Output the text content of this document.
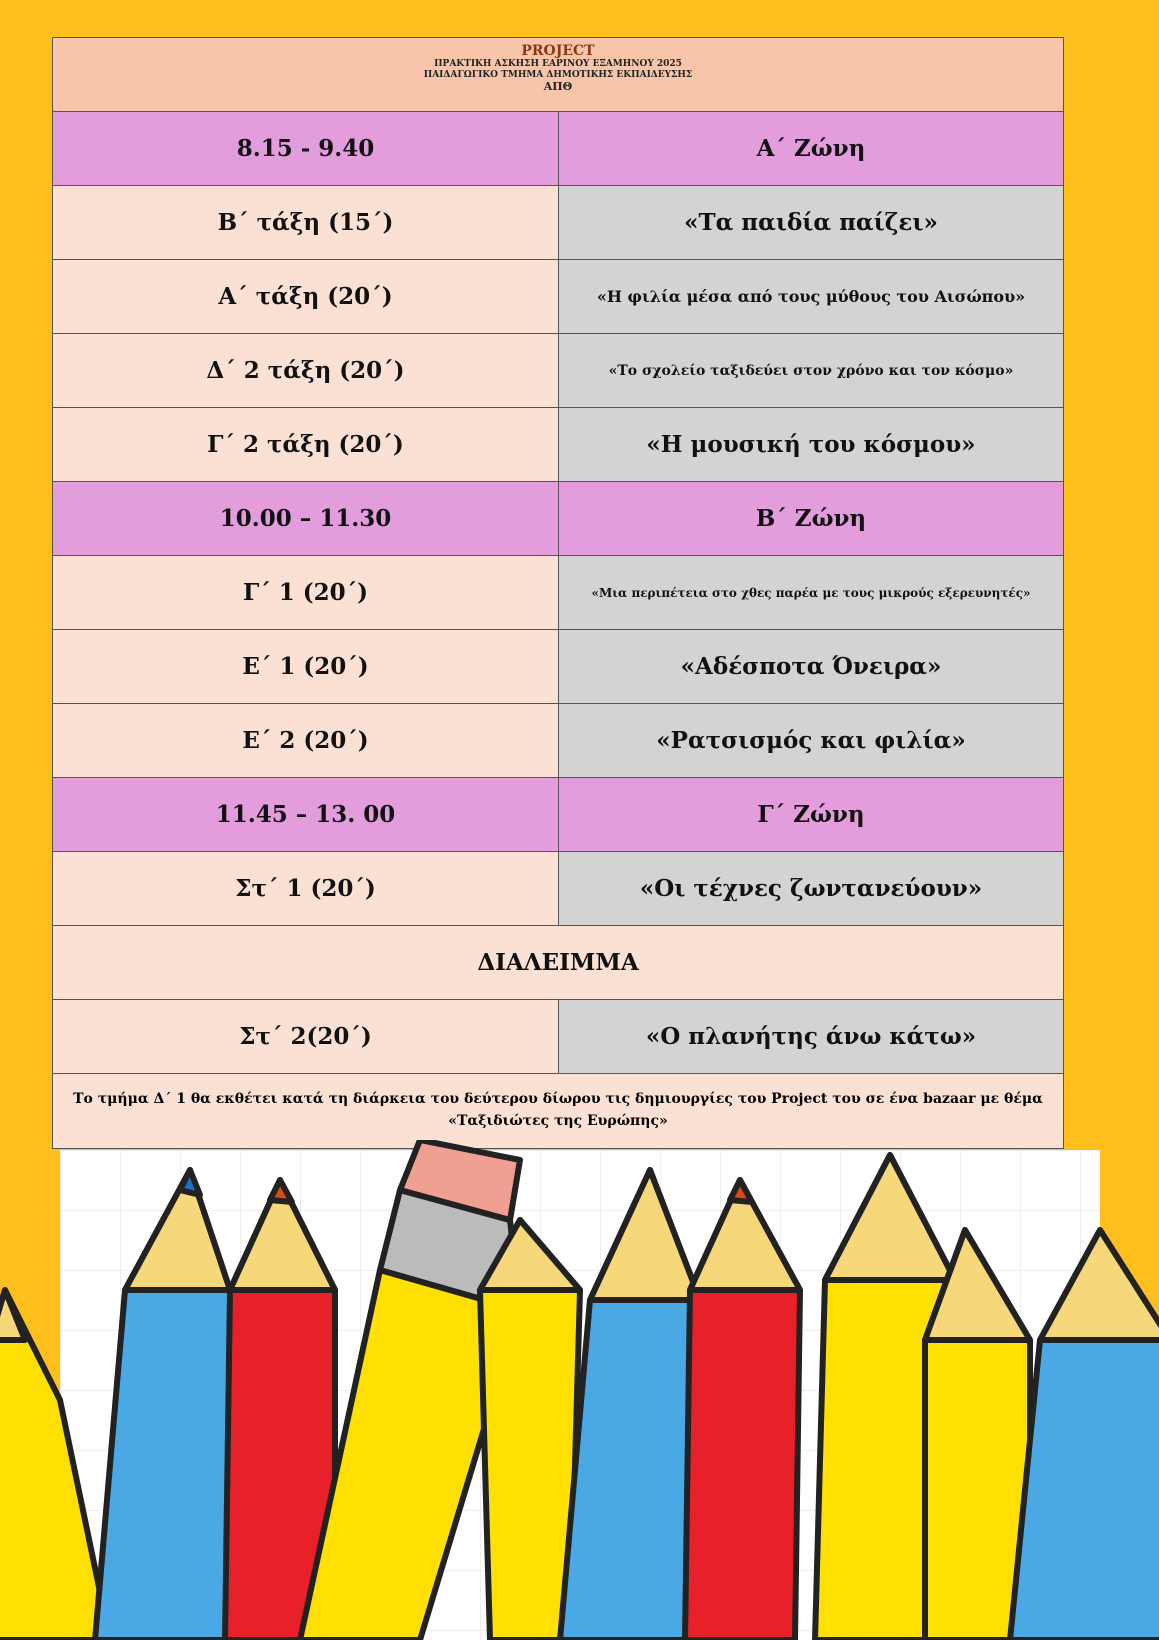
PROJECT
ΠΡΑΚΤΙΚΗ ΑΣΚΗΣΗ ΕΑΡΙΝΟΥ ΕΞΑΜΗΝΟΥ 2025
ΠΑΙΔΑΓΩΓΙΚΟ ΤΜΗΜΑ ΔΗΜΟΤΙΚΗΣ ΕΚΠΑΙΔΕΥΣΗΣ
ΑΠΘ
8.15 - 9.40	Α΄ Ζώνη
Β΄ τάξη (15΄)	«Τα παιδία παίζει»
Α΄ τάξη (20΄)	«Η φιλία μέσα από τους μύθους του Αισώπου»
Δ΄ 2 τάξη (20΄)	«Το σχολείο ταξιδεύει στον χρόνο και τον κόσμο»
Γ΄ 2 τάξη (20΄)	«Η μουσική του κόσμου»
10.00 – 11.30	Β΄ Ζώνη
Γ΄ 1 (20΄)	«Μια περιπέτεια στο χθες παρέα με τους μικρούς εξερευνητές»
Ε΄ 1 (20΄)	«Αδέσποτα Όνειρα»
Ε΄ 2 (20΄)	«Ρατσισμός και φιλία»
11.45 – 13. 00	Γ΄ Ζώνη
Στ΄ 1 (20΄)	«Οι τέχνες ζωντανεύουν»
ΔΙΑΛΕΙΜΜΑ
Στ΄ 2(20΄)	«Ο πλανήτης άνω κάτω»
Το τμήμα Δ΄ 1 θα εκθέτει κατά τη διάρκεια του δεύτερου δίωρου τις δημιουργίες του Project του σε ένα bazaar με θέμα
«Ταξιδιώτες της Ευρώπης»
